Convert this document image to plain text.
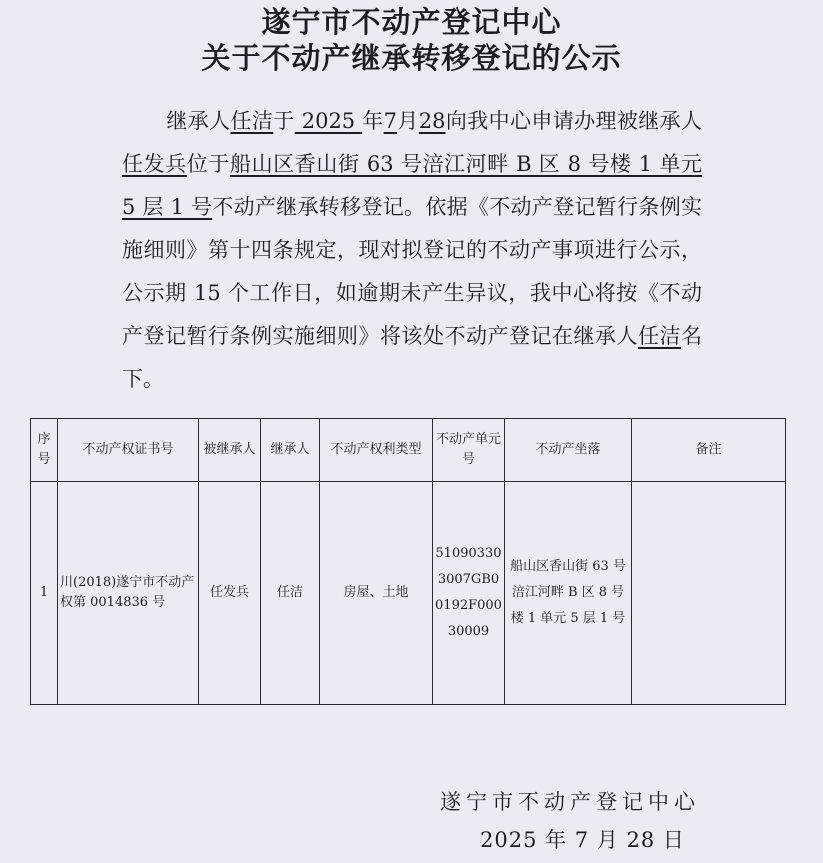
遂宁市不动产登记中心
关于不动产继承转移登记的公示
继承人任洁于 2025 年7月28向我中心申请办理被继承人任发兵位于船山区香山街 63 号涪江河畔 B 区 8 号楼 1 单元 5 层 1 号不动产继承转移登记。依据《不动产登记暂行条例实施细则》第十四条规定，现对拟登记的不动产事项进行公示，公示期 15 个工作日，如逾期未产生异议，我中心将按《不动产登记暂行条例实施细则》将该处不动产登记在继承人任洁名下。
序号	不动产权证书号	被继承人	继承人	不动产权利类型	不动产单元号	不动产坐落	备注
1	川(2018)遂宁市不动产权第 0014836 号	任发兵	任洁	房屋、土地	510903303007GB00192F00030009	船山区香山街 63 号涪江河畔 B 区 8 号楼 1 单元 5 层 1 号	
遂宁市不动产登记中心
2025 年 7 月 28 日
